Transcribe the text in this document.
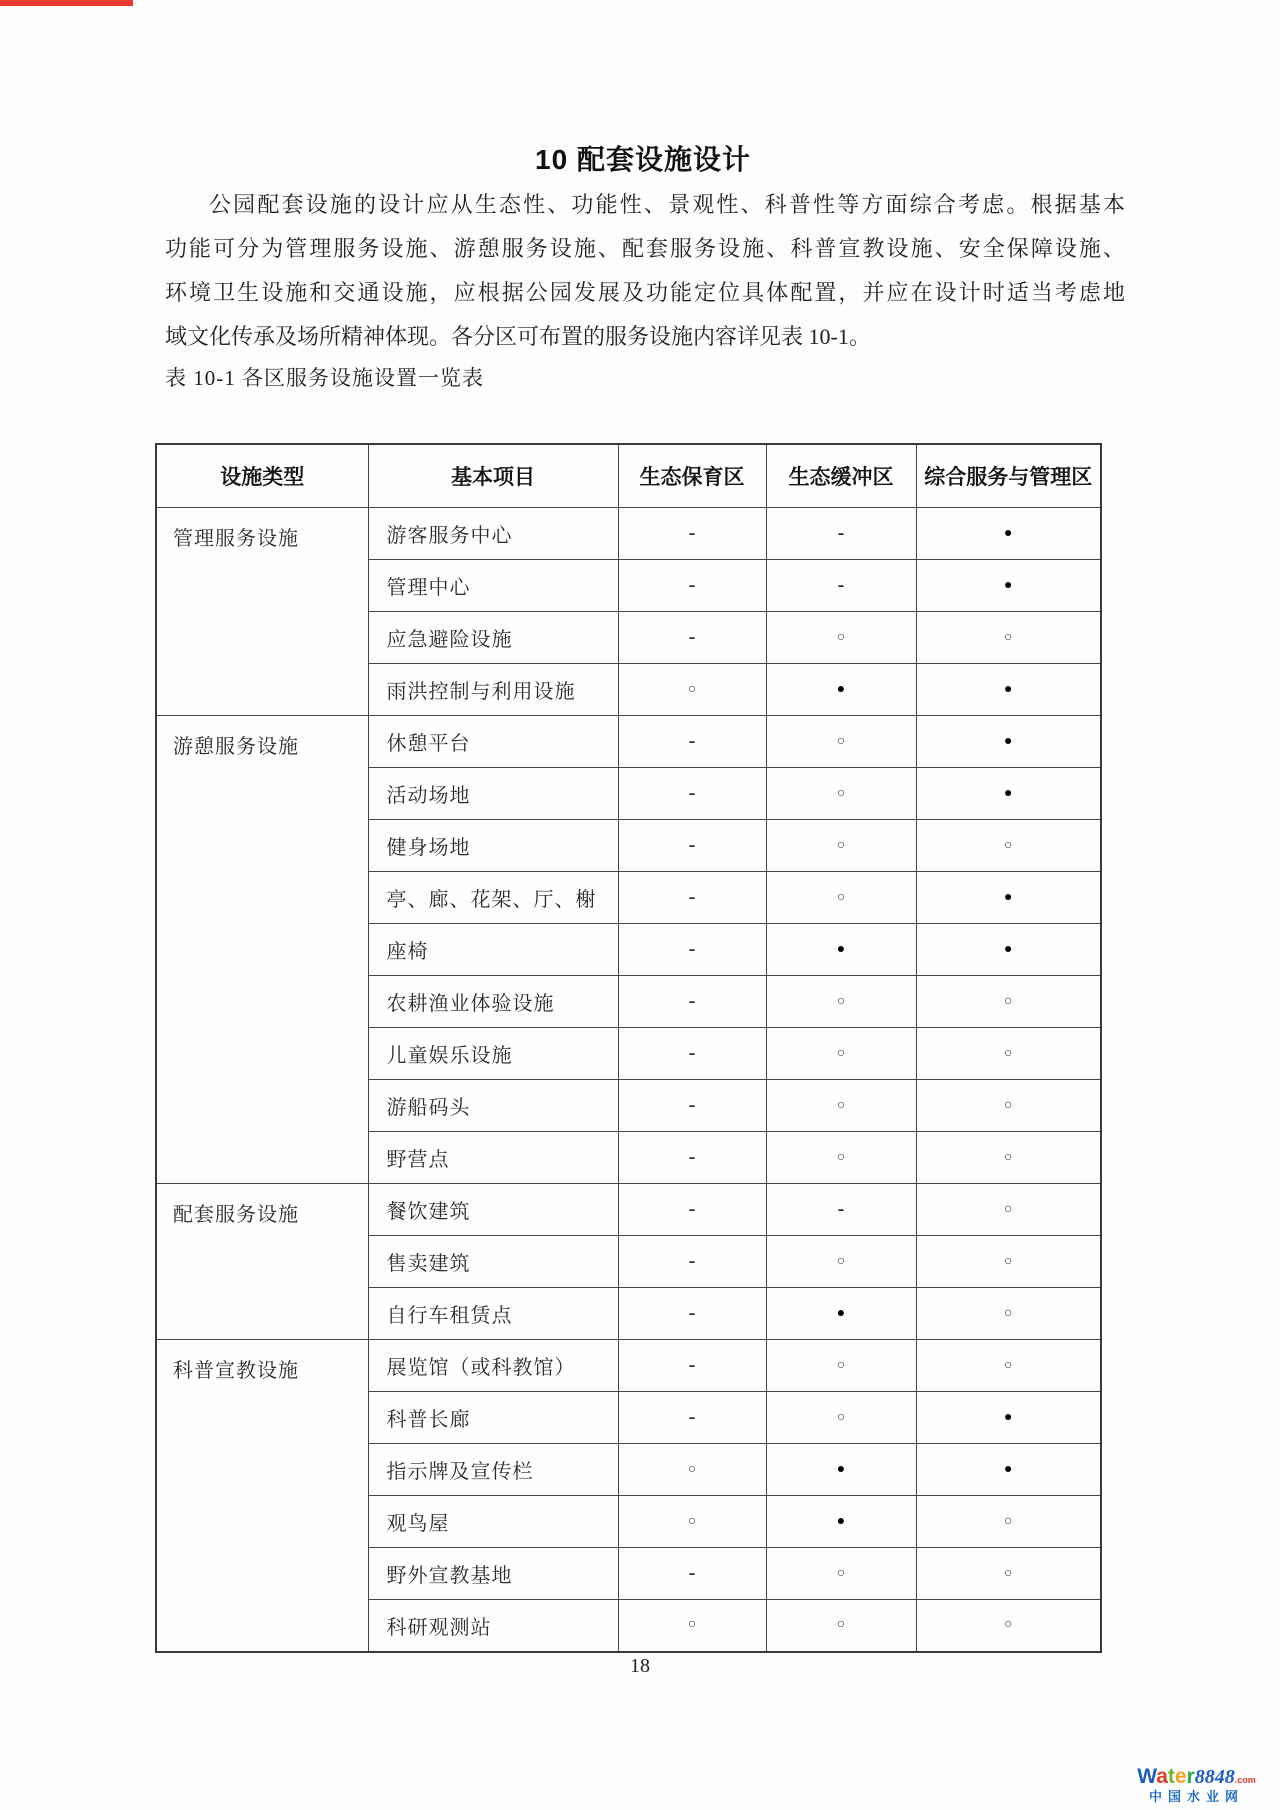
10 配套设施设计
公园配套设施的设计应从生态性、功能性、景观性、科普性等方面综合考虑。根据基本
功能可分为管理服务设施、游憩服务设施、配套服务设施、科普宣教设施、安全保障设施、
环境卫生设施和交通设施，应根据公园发展及功能定位具体配置，并应在设计时适当考虑地
域文化传承及场所精神体现。各分区可布置的服务设施内容详见表 10-1。
表 10-1 各区服务设施设置一览表
设施类型	基本项目	生态保育区	生态缓冲区	综合服务与管理区
管理服务设施	游客服务中心	-	-	●
	管理中心	-	-	●
	应急避险设施	-	○	○
	雨洪控制与利用设施	○	●	●
游憩服务设施	休憩平台	-	○	●
	活动场地	-	○	●
	健身场地	-	○	○
	亭、廊、花架、厅、榭	-	○	●
	座椅	-	●	●
	农耕渔业体验设施	-	○	○
	儿童娱乐设施	-	○	○
	游船码头	-	○	○
	野营点	-	○	○
配套服务设施	餐饮建筑	-	-	○
	售卖建筑	-	○	○
	自行车租赁点	-	●	○
科普宣教设施	展览馆（或科教馆）	-	○	○
	科普长廊	-	○	●
	指示牌及宣传栏	○	●	●
	观鸟屋	○	●	○
	野外宣教基地	-	○	○
	科研观测站	○	○	○
18
Water8848.com
中国水业网
